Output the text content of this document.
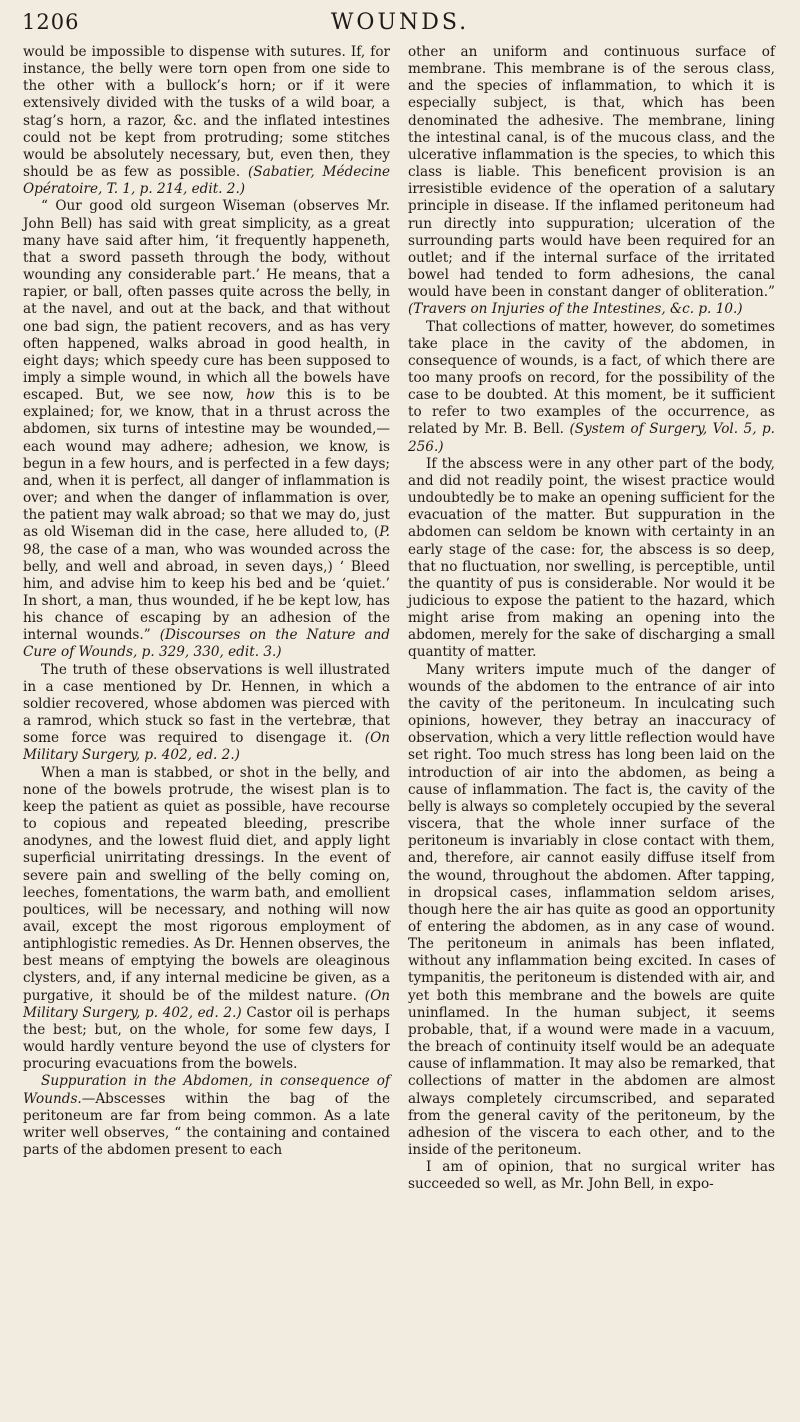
1206	WOUNDS.

would be impossible to dispense with sutures. If, for instance, the belly were torn open from one side to the other with a bullock’s horn; or if it were extensively divided with the tusks of a wild boar, a stag’s horn, a razor, &c. and the inflated intestines could not be kept from protruding; some stitches would be absolutely necessary, but, even then, they should be as few as possible. (Sabatier, Médecine Opératoire, T. 1, p. 214, edit. 2.)

“ Our good old surgeon Wiseman (observes Mr. John Bell) has said with great simplicity, as a great many have said after him, ‘it frequently happeneth, that a sword passeth through the body, without wounding any considerable part.’ He means, that a rapier, or ball, often passes quite across the belly, in at the navel, and out at the back, and that without one bad sign, the patient recovers, and as has very often happened, walks abroad in good health, in eight days; which speedy cure has been supposed to imply a simple wound, in which all the bowels have escaped. But, we see now, how this is to be explained; for, we know, that in a thrust across the abdomen, six turns of intestine may be wounded,—each wound may adhere; adhesion, we know, is begun in a few hours, and is perfected in a few days; and, when it is perfect, all danger of inflammation is over; and when the danger of inflammation is over, the patient may walk abroad; so that we may do, just as old Wiseman did in the case, here alluded to, (P. 98, the case of a man, who was wounded across the belly, and well and abroad, in seven days,) ‘ Bleed him, and advise him to keep his bed and be ‘quiet.’ In short, a man, thus wounded, if he be kept low, has his chance of escaping by an adhesion of the internal wounds.” (Discourses on the Nature and Cure of Wounds, p. 329, 330, edit. 3.)

The truth of these observations is well illustrated in a case mentioned by Dr. Hennen, in which a soldier recovered, whose abdomen was pierced with a ramrod, which stuck so fast in the vertebræ, that some force was required to disengage it. (On Military Surgery, p. 402, ed. 2.)

When a man is stabbed, or shot in the belly, and none of the bowels protrude, the wisest plan is to keep the patient as quiet as possible, have recourse to copious and repeated bleeding, prescribe anodynes, and the lowest fluid diet, and apply light superficial unirritating dressings. In the event of severe pain and swelling of the belly coming on, leeches, fomentations, the warm bath, and emollient poultices, will be necessary, and nothing will now avail, except the most rigorous employment of antiphlogistic remedies. As Dr. Hennen observes, the best means of emptying the bowels are oleaginous clysters, and, if any internal medicine be given, as a purgative, it should be of the mildest nature. (On Military Surgery, p. 402, ed. 2.) Castor oil is perhaps the best; but, on the whole, for some few days, I would hardly venture beyond the use of clysters for procuring evacuations from the bowels.

Suppuration in the Abdomen, in consequence of Wounds.—Abscesses within the bag of the peritoneum are far from being common. As a late writer well observes, “ the containing and contained parts of the abdomen present to each

other an uniform and continuous surface of membrane. This membrane is of the serous class, and the species of inflammation, to which it is especially subject, is that, which has been denominated the adhesive. The membrane, lining the intestinal canal, is of the mucous class, and the ulcerative inflammation is the species, to which this class is liable. This beneficent provision is an irresistible evidence of the operation of a salutary principle in disease. If the inflamed peritoneum had run directly into suppuration; ulceration of the surrounding parts would have been required for an outlet; and if the internal surface of the irritated bowel had tended to form adhesions, the canal would have been in constant danger of obliteration.” (Travers on Injuries of the Intestines, &c. p. 10.)

That collections of matter, however, do sometimes take place in the cavity of the abdomen, in consequence of wounds, is a fact, of which there are too many proofs on record, for the possibility of the case to be doubted. At this moment, be it sufficient to refer to two examples of the occurrence, as related by Mr. B. Bell. (System of Surgery, Vol. 5, p. 256.)

If the abscess were in any other part of the body, and did not readily point, the wisest practice would undoubtedly be to make an opening sufficient for the evacuation of the matter. But suppuration in the abdomen can seldom be known with certainty in an early stage of the case: for, the abscess is so deep, that no fluctuation, nor swelling, is perceptible, until the quantity of pus is considerable. Nor would it be judicious to expose the patient to the hazard, which might arise from making an opening into the abdomen, merely for the sake of discharging a small quantity of matter.

Many writers impute much of the danger of wounds of the abdomen to the entrance of air into the cavity of the peritoneum. In inculcating such opinions, however, they betray an inaccuracy of observation, which a very little reflection would have set right. Too much stress has long been laid on the introduction of air into the abdomen, as being a cause of inflammation. The fact is, the cavity of the belly is always so completely occupied by the several viscera, that the whole inner surface of the peritoneum is invariably in close contact with them, and, therefore, air cannot easily diffuse itself from the wound, throughout the abdomen. After tapping, in dropsical cases, inflammation seldom arises, though here the air has quite as good an opportunity of entering the abdomen, as in any case of wound. The peritoneum in animals has been inflated, without any inflammation being excited. In cases of tympanitis, the peritoneum is distended with air, and yet both this membrane and the bowels are quite uninflamed. In the human subject, it seems probable, that, if a wound were made in a vacuum, the breach of continuity itself would be an adequate cause of inflammation. It may also be remarked, that collections of matter in the abdomen are almost always completely circumscribed, and separated from the general cavity of the peritoneum, by the adhesion of the viscera to each other, and to the inside of the peritoneum.

I am of opinion, that no surgical writer has succeeded so well, as Mr. John Bell, in expo-
